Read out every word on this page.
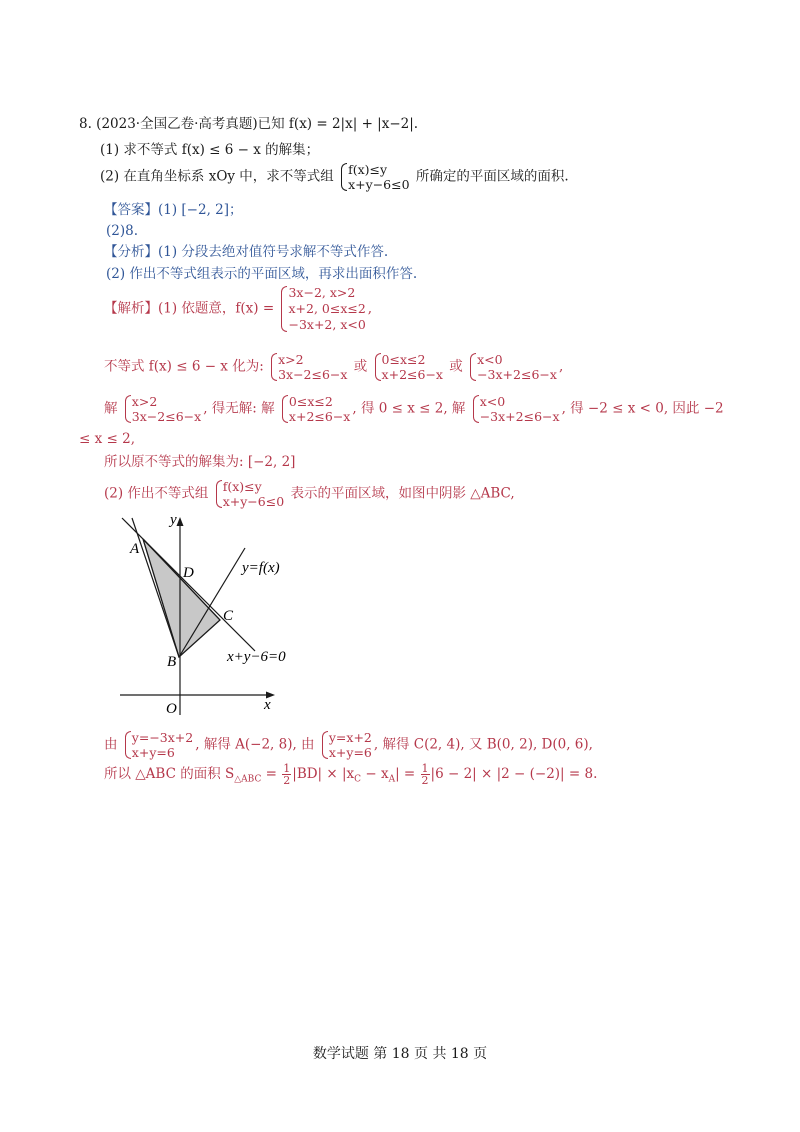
8. (2023·全国乙卷·高考真题)已知 f(x) = 2|x| + |x−2|.
(1) 求不等式 f(x) ≤ 6 − x 的解集；
(2) 在直角坐标系 xOy 中，求不等式组 f(x)≤y
x+y−6≤0 所确定的平面区域的面积.
【答案】(1) [−2, 2]；
(2)8.
【分析】(1) 分段去绝对值符号求解不等式作答.
(2) 作出不等式组表示的平面区域，再求出面积作答.
【解析】(1) 依题意，f(x) =
3x−2, x>2
x+2, 0≤x≤2
−3x+2, x<0
,
不等式 f(x) ≤ 6 − x 化为: x>2
3x−2≤6−x 或 0≤x≤2
x+2≤6−x 或 x<0
−3x+2≤6−x ,
解 x>2
3x−2≤6−x , 得无解: 解 0≤x≤2
x+2≤6−x , 得 0 ≤ x ≤ 2, 解 x<0
−3x+2≤6−x , 得 −2 ≤ x < 0, 因此 −2
≤ x ≤ 2,
所以原不等式的解集为: [−2, 2]
(2) 作出不等式组 f(x)≤y
x+y−6≤0 表示的平面区域，如图中阴影 △ABC,
y
x
O
A
B
C
D	y=f(x)
x+y−6=0
由 y=−3x+2
x+y=6	, 解得 A(−2, 8), 由 y=x+2
x+y=6 , 解得 C(2, 4), 又 B(0, 2), D(0, 6),
所以 △ABC 的面积 $S_{\triangle ABC} = \frac{1}{2} |BD| \times |x_C - x_A| = \frac{1}{2} |6 - 2| \times |2 - (-2)| = 8$.
数学试题 第 18 页 共 18 页
